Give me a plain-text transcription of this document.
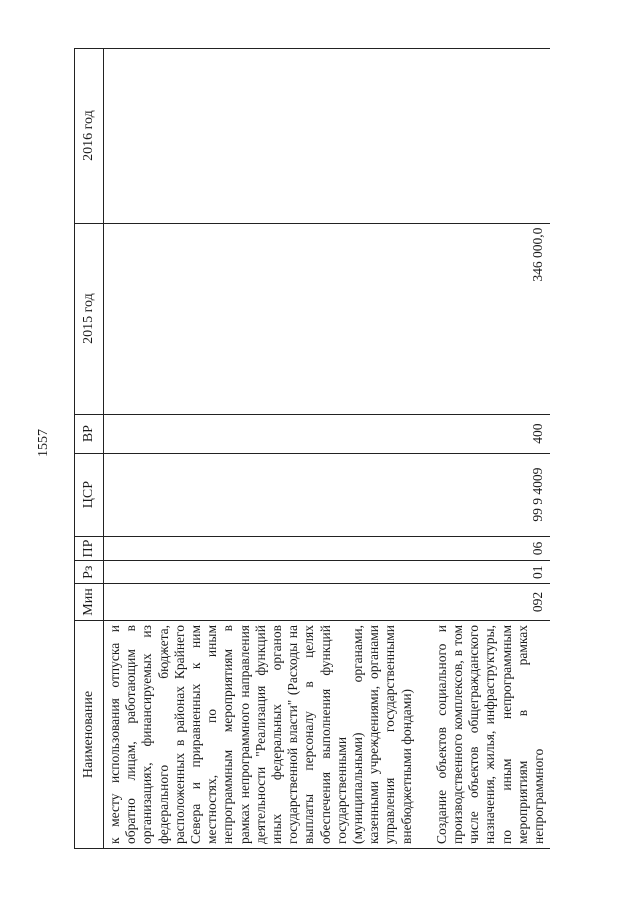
1557
Наименование	Мин	Рз	ПР	ЦСР	ВР	2015 год	2016 год
к месту использования отпуска и обратно лицам, работающим в организациях, финансируемых из федерального бюджета, расположенных в районах Крайнего Севера и приравненных к ним местностях, по иным непрограммным мероприятиям в рамках непрограммного направления деятельности "Реализация функций иных федеральных органов государственной власти" (Расходы на выплаты персоналу в целях обеспечения выполнения функций государственными (муниципальными) органами, казенными учреждениями, органами управления государственными внебюджетными фондами)							
Создание объектов социального и производственного комплексов, в том числе объектов общегражданского назначения, жилья, инфраструктуры, по иным непрограммным мероприятиям в рамках непрограммного	092	01	06	99 9 4009	400	346 000,0	
